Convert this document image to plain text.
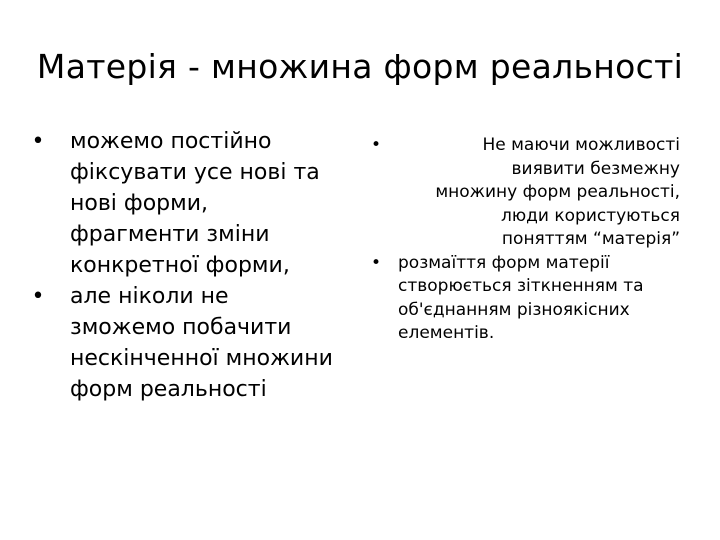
Матерія - множина форм реальності
• можемо постійно
фіксувати усе нові та
нові форми,
фрагменти зміни
конкретної форми,
• але ніколи не
зможемо побачити
нескінченної множини
форм реальності
•	Не маючи можливості
виявити безмежну
множину форм реальності,
люди користуються
поняттям “матерія”
• розмаїття форм матерії
створюється зіткненням та
об'єднанням різноякісних
елементів.
